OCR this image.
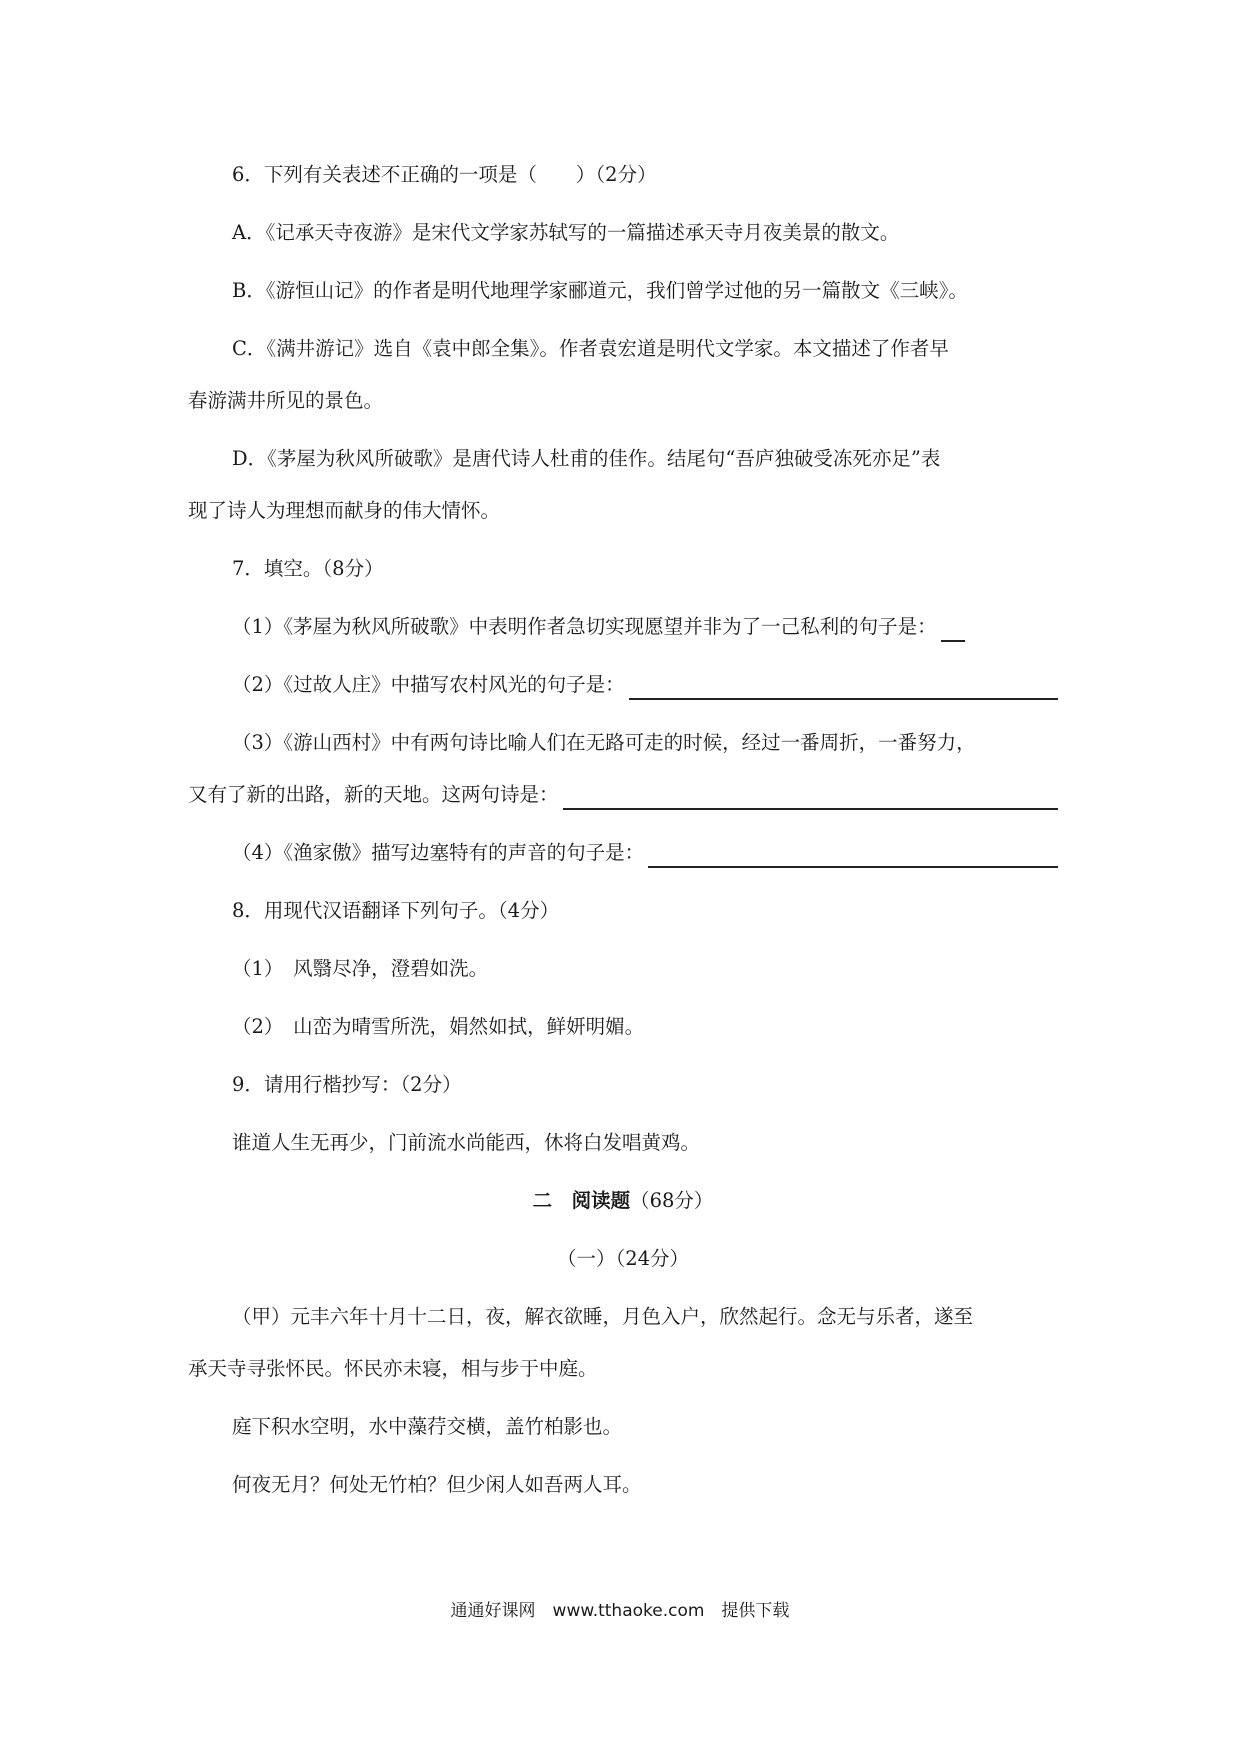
6．下列有关表述不正确的一项是（　　）（2分）

A．《记承天寺夜游》是宋代文学家苏轼写的一篇描述承天寺月夜美景的散文。

B．《游恒山记》的作者是明代地理学家郦道元，我们曾学过他的另一篇散文《三峡》。

C．《满井游记》选自《袁中郎全集》。作者袁宏道是明代文学家。本文描述了作者早
春游满井所见的景色。

D．《茅屋为秋风所破歌》是唐代诗人杜甫的佳作。结尾句“吾庐独破受冻死亦足”表
现了诗人为理想而献身的伟大情怀。

7．填空。（8分）

（1）《茅屋为秋风所破歌》中表明作者急切实现愿望并非为了一己私利的句子是：

（2）《过故人庄》中描写农村风光的句子是：

（3）《游山西村》中有两句诗比喻人们在无路可走的时候，经过一番周折，一番努力，

又有了新的出路，新的天地。这两句诗是：

（4）《渔家傲》描写边塞特有的声音的句子是：

8．用现代汉语翻译下列句子。（4分）

（1）　风翳尽净，澄碧如洗。

（2）　山峦为晴雪所洗，娟然如拭，鲜妍明媚。

9．请用行楷抄写：（2分）

谁道人生无再少，门前流水尚能西，休将白发唱黄鸡。

二　阅读题（68分）

（一）（24分）

（甲）元丰六年十月十二日，夜，解衣欲睡，月色入户，欣然起行。念无与乐者，遂至
承天寺寻张怀民。怀民亦未寝，相与步于中庭。

庭下积水空明，水中藻荇交横，盖竹柏影也。

何夜无月？何处无竹柏？但少闲人如吾两人耳。

通通好课网　www.tthaoke.com　提供下载
